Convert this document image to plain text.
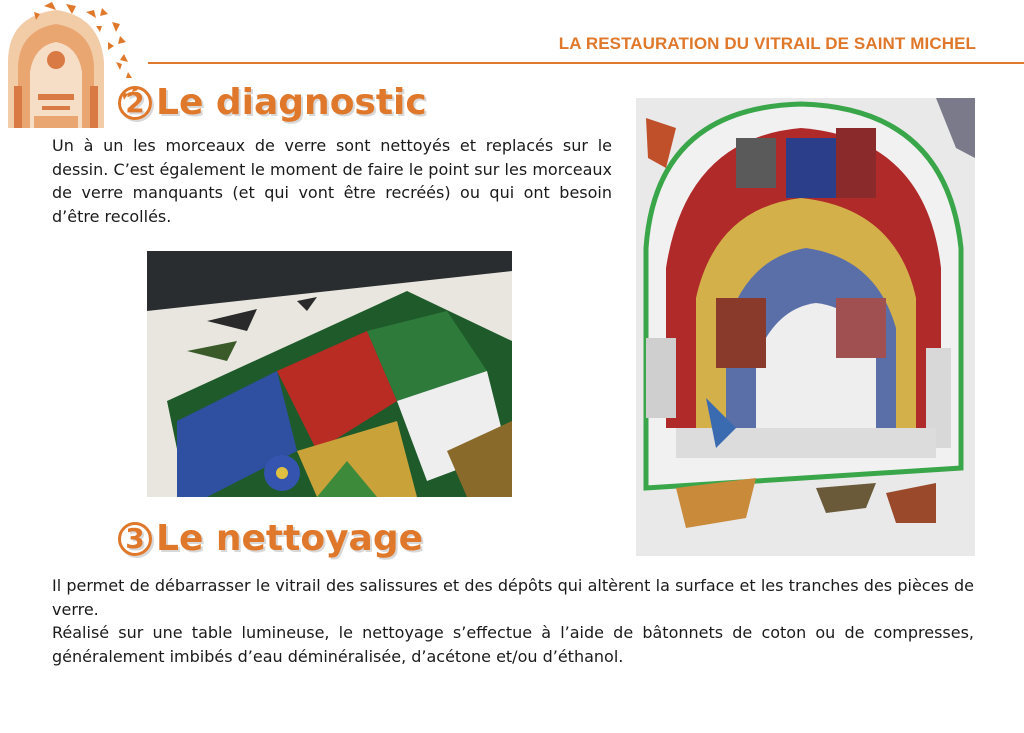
LA RESTAURATION DU VITRAIL DE SAINT MICHEL
2 Le diagnostic

Un à un les morceaux de verre sont nettoyés et replacés sur le dessin. C’est également le moment de faire le point sur les morceaux de verre manquants (et qui vont être recréés) ou qui ont besoin d’être recollés.

3 Le nettoyage
Il permet de débarrasser le vitrail des salissures et des dépôts qui altèrent la surface et les tranches des pièces de verre.
Réalisé sur une table lumineuse, le nettoyage s’effectue à l’aide de bâtonnets de coton ou de compresses, généralement imbibés d’eau déminéralisée, d’acétone et/ou d’éthanol.
